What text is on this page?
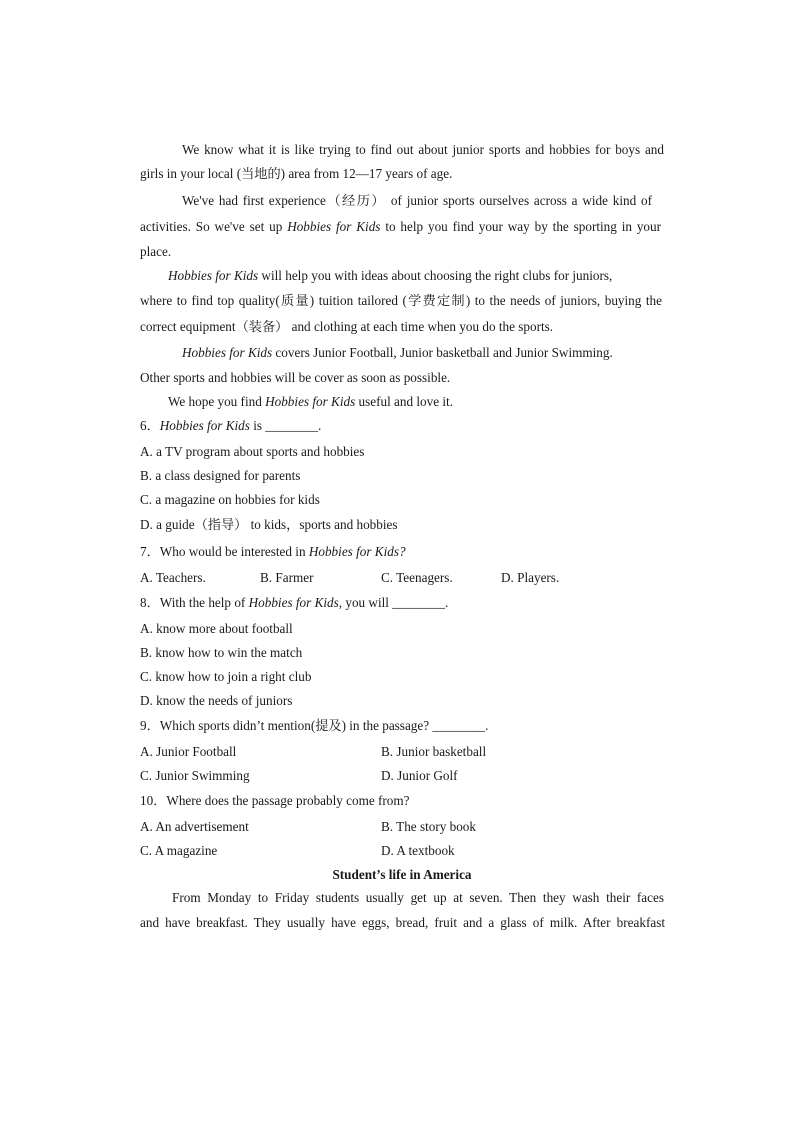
We know what it is like trying to find out about junior sports and hobbies for boys and
girls in your local (当地的) area from 12—17 years of age.
We've had first experience（经历） of junior sports ourselves across a wide kind of
activities. So we've set up Hobbies for Kids to help you find your way by the sporting in your
place.
Hobbies for Kids will help you with ideas about choosing the right clubs for juniors,
where to find top quality(质量) tuition tailored (学费定制) to the needs of juniors, buying the
correct equipment（装备） and clothing at each time when you do the sports.
Hobbies for Kids covers Junior Football, Junior basketball and Junior Swimming.
Other sports and hobbies will be cover as soon as possible.
We hope you find Hobbies for Kids useful and love it.
6．Hobbies for Kids is ________.
A. a TV program about sports and hobbies
B. a class designed for parents
C. a magazine on hobbies for kids
D. a guide（指导） to kids，sports and hobbies
7．Who would be interested in Hobbies for Kids?
A. Teachers.	B. Farmer	C. Teenagers.	D. Players.
8．With the help of Hobbies for Kids, you will ________.
A. know more about football
B. know how to win the match
C. know how to join a right club
D. know the needs of juniors
9．Which sports didn’t mention(提及) in the passage? ________.
A. Junior Football	B. Junior basketball
C. Junior Swimming	D. Junior Golf
10．Where does the passage probably come from?
A. An advertisement	B. The story book
C. A magazine	D. A textbook
Student’s life in America
From Monday to Friday students usually get up at seven. Then they wash their faces
and have breakfast. They usually have eggs, bread, fruit and a glass of milk. After breakfast
